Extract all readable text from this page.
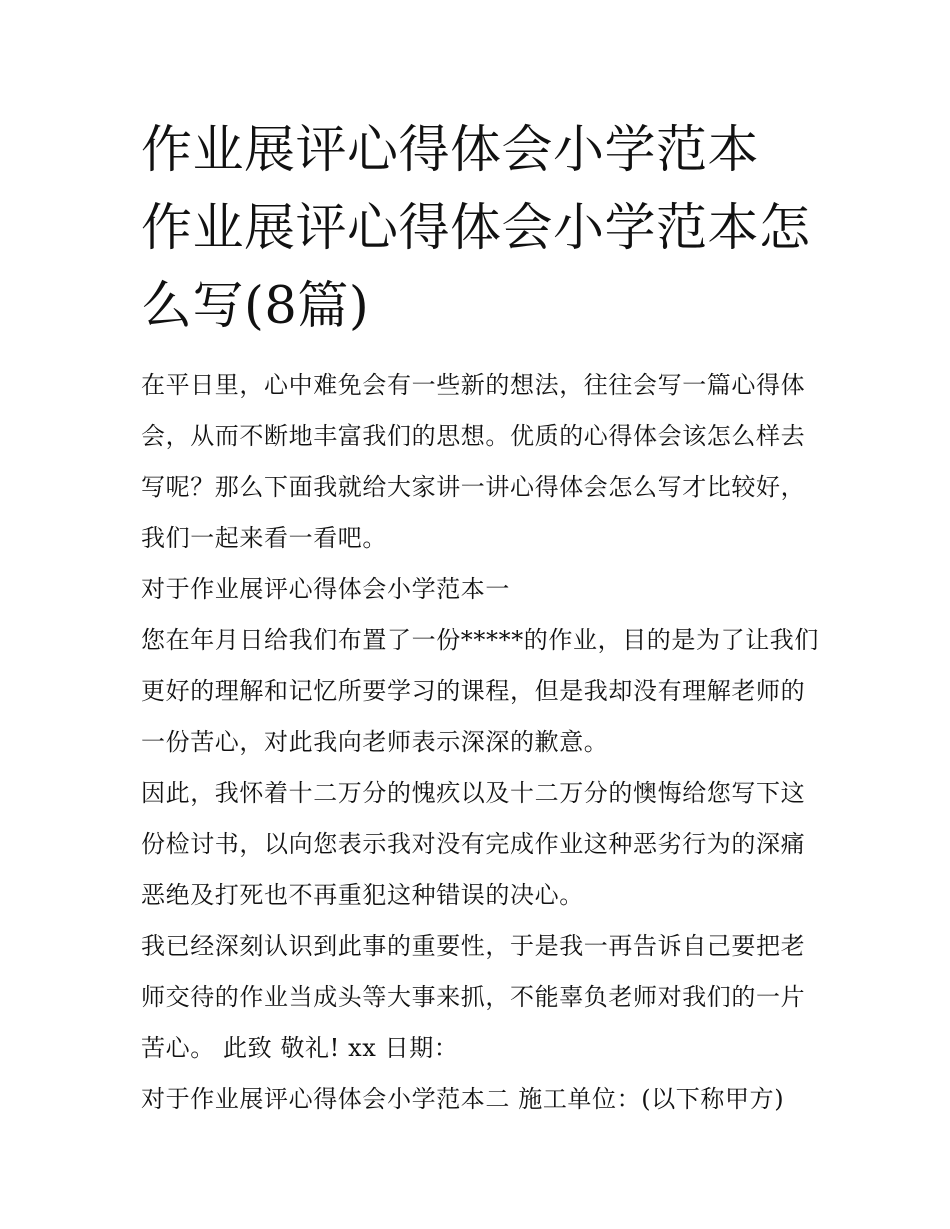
作业展评心得体会小学范本 作业展评心得体会小学范本怎么写(8篇)

在平日里，心中难免会有一些新的想法，往往会写一篇心得体会，从而不断地丰富我们的思想。优质的心得体会该怎么样去写呢？那么下面我就给大家讲一讲心得体会怎么写才比较好，我们一起来看一看吧。

对于作业展评心得体会小学范本一

您在年月日给我们布置了一份*****的作业，目的是为了让我们更好的理解和记忆所要学习的课程，但是我却没有理解老师的一份苦心，对此我向老师表示深深的歉意。

因此，我怀着十二万分的愧疚以及十二万分的懊悔给您写下这份检讨书，以向您表示我对没有完成作业这种恶劣行为的深痛恶绝及打死也不再重犯这种错误的决心。

我已经深刻认识到此事的重要性，于是我一再告诉自己要把老师交待的作业当成头等大事来抓，不能辜负老师对我们的一片苦心。 此致 敬礼! xx 日期：

对于作业展评心得体会小学范本二 施工单位：(以下称甲方)
